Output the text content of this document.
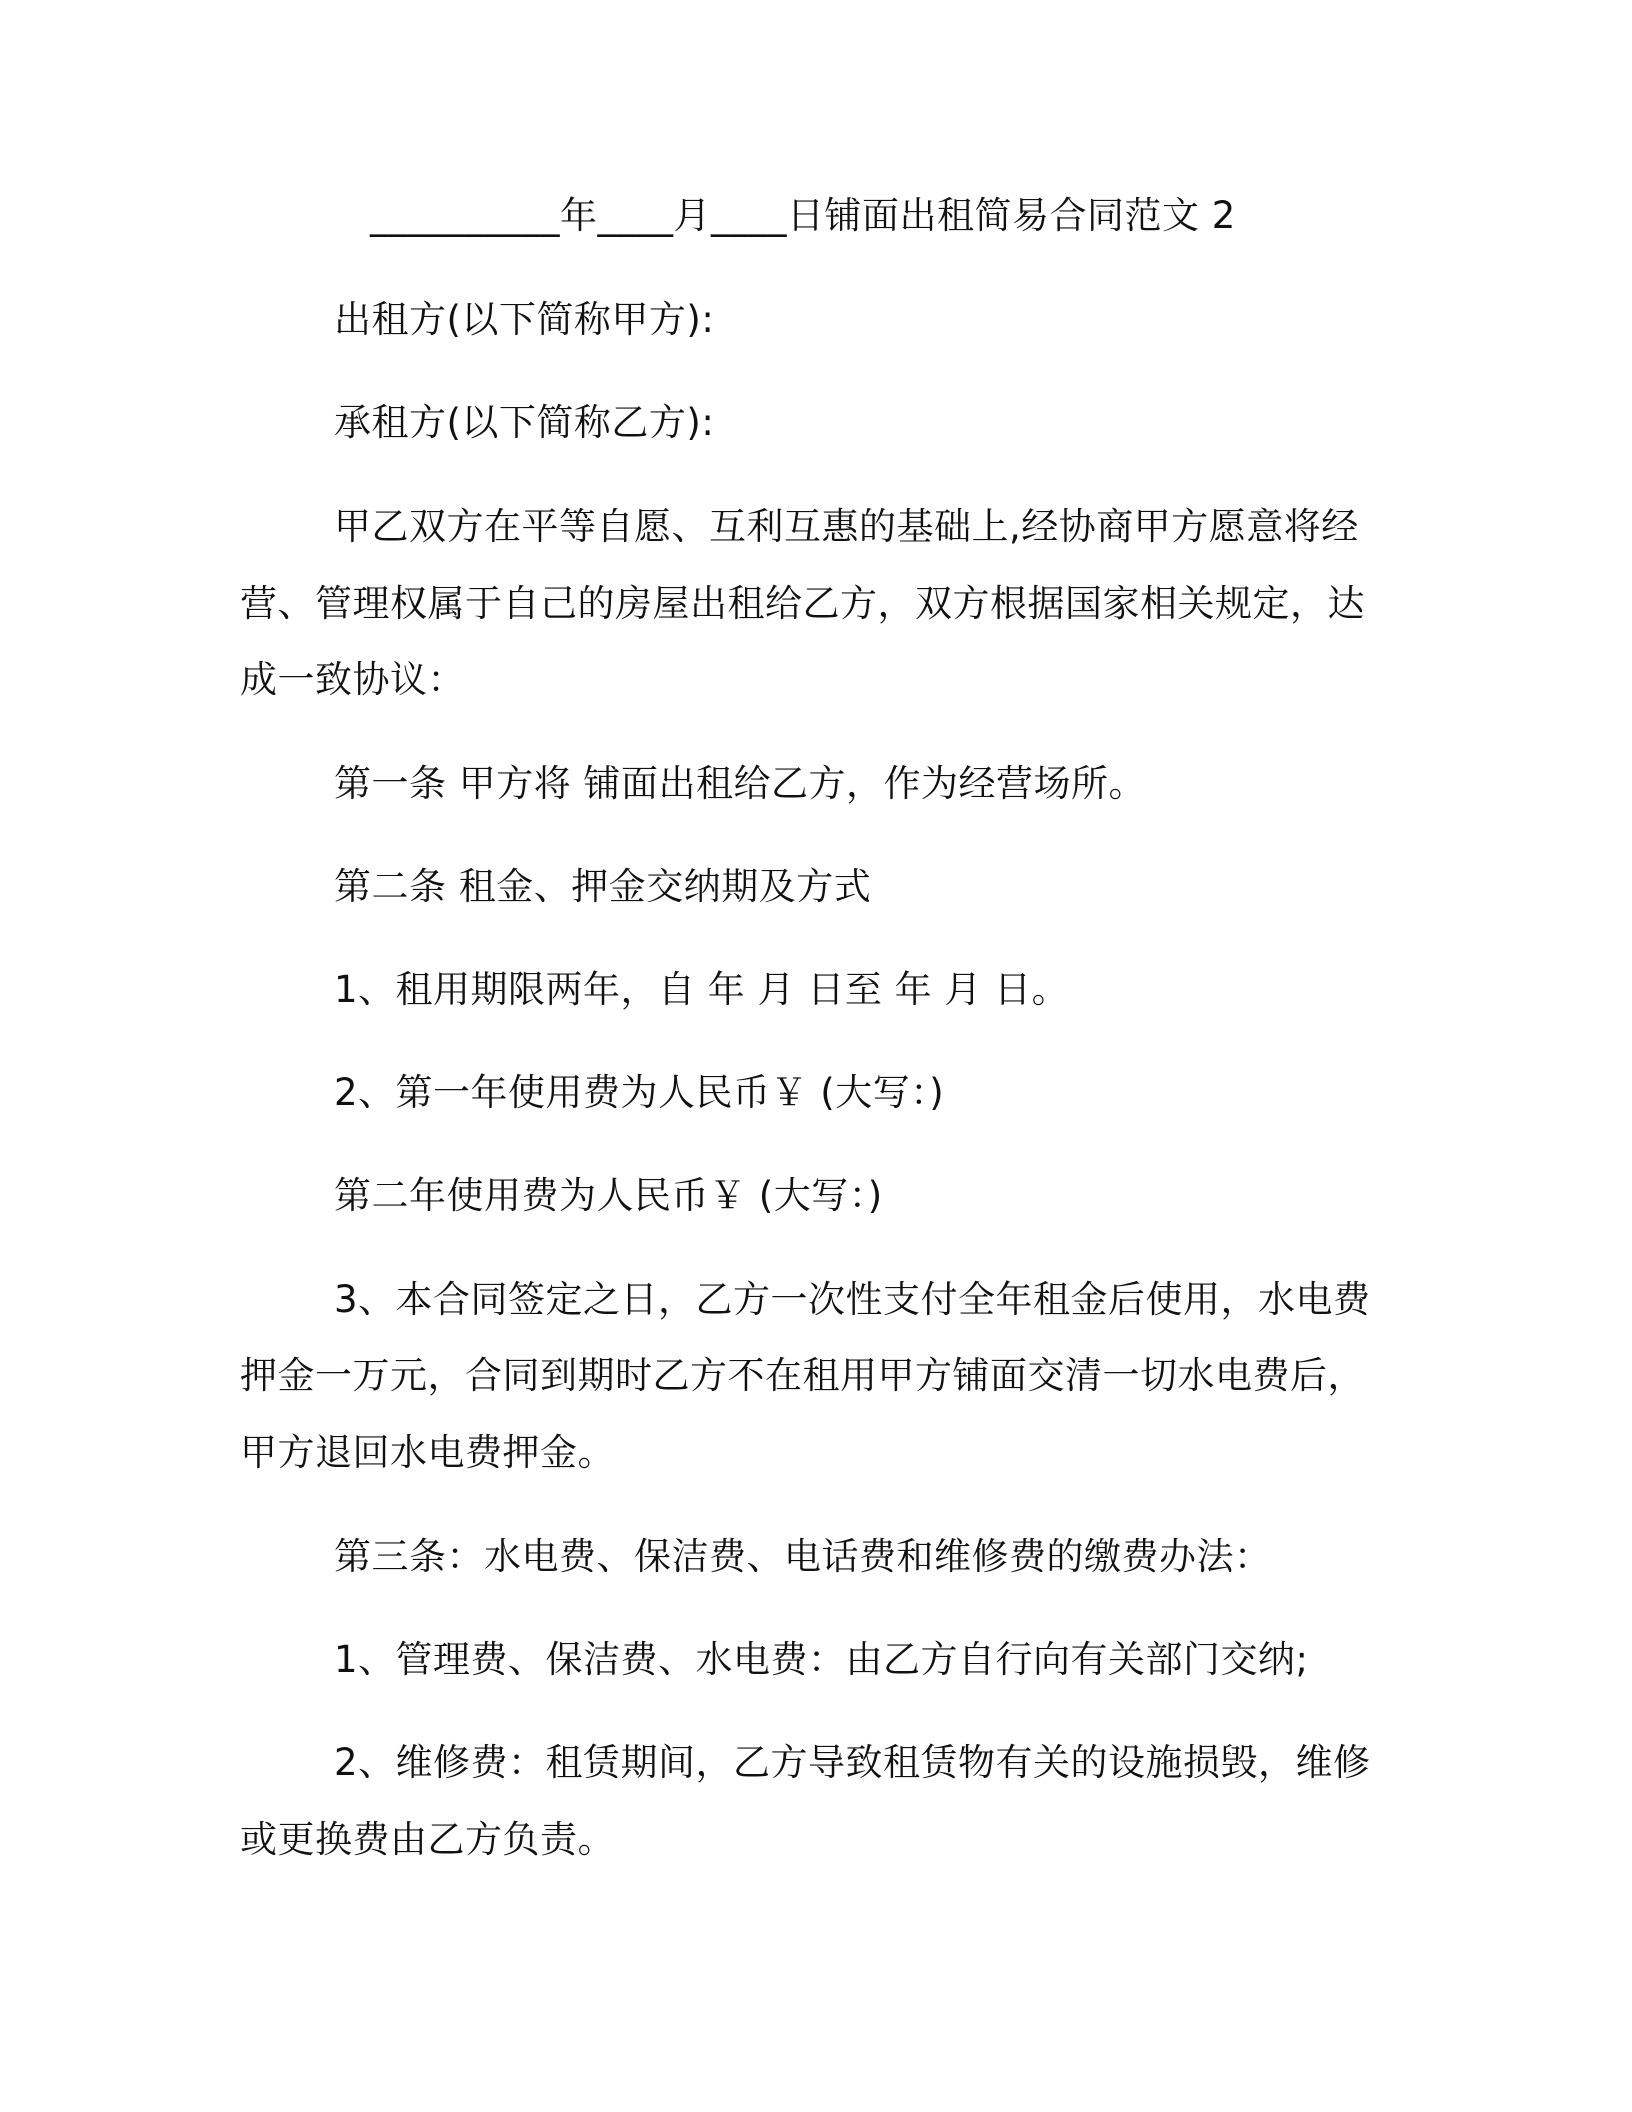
__________年____月____日铺面出租简易合同范文 2
出租方(以下简称甲方):
承租方(以下简称乙方):
甲乙双方在平等自愿、互利互惠的基础上,经协商甲方愿意将经
营、管理权属于自己的房屋出租给乙方，双方根据国家相关规定，达
成一致协议：
第一条 甲方将 铺面出租给乙方，作为经营场所。
第二条 租金、押金交纳期及方式
1、租用期限两年，自 年 月 日至 年 月 日。
2、第一年使用费为人民币￥ (大写：)
第二年使用费为人民币￥ (大写：)
3、本合同签定之日，乙方一次性支付全年租金后使用，水电费
押金一万元，合同到期时乙方不在租用甲方铺面交清一切水电费后，
甲方退回水电费押金。
第三条：水电费、保洁费、电话费和维修费的缴费办法：
1、管理费、保洁费、水电费：由乙方自行向有关部门交纳;
2、维修费：租赁期间，乙方导致租赁物有关的设施损毁，维修
或更换费由乙方负责。
